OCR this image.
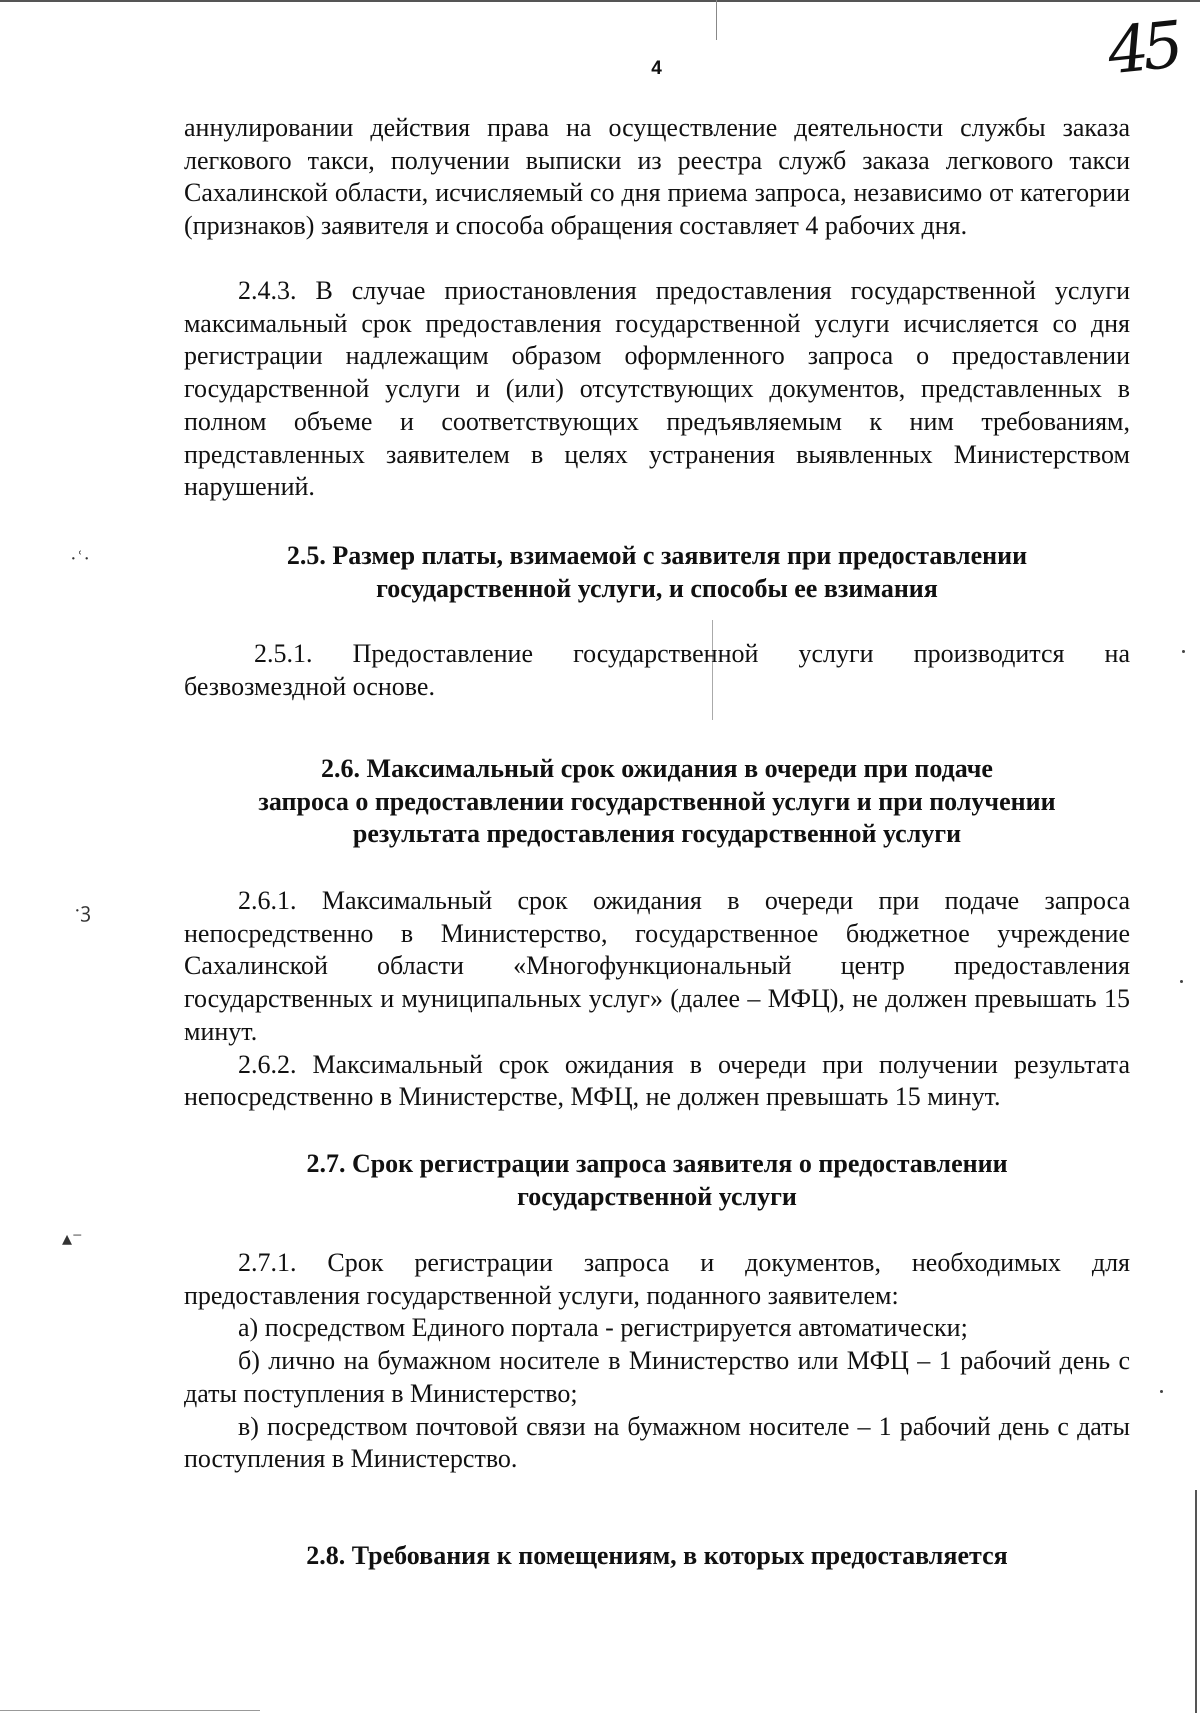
·ʿ·
·ꝫ
▴⁻
4	45

аннулировании действия права на осуществление деятельности службы заказа легкового такси, получении выписки из реестра служб заказа легкового такси Сахалинской области, исчисляемый со дня приема запроса, независимо от категории (признаков) заявителя и способа обращения составляет 4 рабочих дня.

2.4.3. В случае приостановления предоставления государственной услуги максимальный срок предоставления государственной услуги исчисляется со дня регистрации надлежащим образом оформленного запроса о предоставлении государственной услуги и (или) отсутствующих документов, представленных в полном объеме и соответствующих предъявляемым к ним требованиям, представленных заявителем в целях устранения выявленных Министерством нарушений.

2.5. Размер платы, взимаемой с заявителя при предоставлении

государственной услуги, и способы ее взимания

2.5.1. Предоставление государственной услуги производится на безвозмездной основе.

2.6. Максимальный срок ожидания в очереди при подаче

запроса о предоставлении государственной услуги и при получении

результата предоставления государственной услуги

2.6.1. Максимальный срок ожидания в очереди при подаче запроса непосредственно в Министерство, государственное бюджетное учреждение Сахалинской области «Многофункциональный центр предоставления государственных и муниципальных услуг» (далее – МФЦ), не должен превышать 15 минут.

2.6.2. Максимальный срок ожидания в очереди при получении результата непосредственно в Министерстве, МФЦ, не должен превышать 15 минут.

2.7. Срок регистрации запроса заявителя о предоставлении

государственной услуги

2.7.1. Срок регистрации запроса и документов, необходимых для предоставления государственной услуги, поданного заявителем:

а) посредством Единого портала - регистрируется автоматически;

б) лично на бумажном носителе в Министерство или МФЦ – 1 рабочий день с даты поступления в Министерство;

в) посредством почтовой связи на бумажном носителе – 1 рабочий день с даты поступления в Министерство.

2.8. Требования к помещениям, в которых предоставляется
